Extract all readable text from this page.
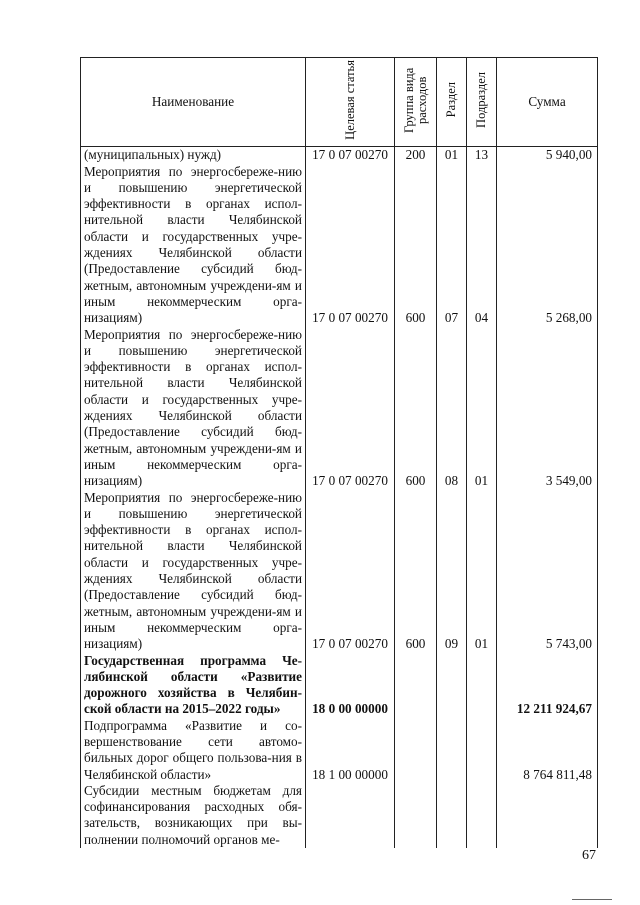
Наименование	Целевая статья	Группа вида расходов	Раздел	Подраздел	Сумма
(муниципальных) нужд)	17 0 07 00270	200	01	13	5 940,00
Мероприятия по энергосбереже-нию и повышению энергетической эффективности в органах испол-нительной власти Челябинской области и государственных учре-ждениях Челябинской области (Предоставление субсидий бюд-жетным, автономным учреждени-ям и иным некоммерческим орга-низациям)	17 0 07 00270	600	07	04	5 268,00
Мероприятия по энергосбереже-нию и повышению энергетической эффективности в органах испол-нительной власти Челябинской области и государственных учре-ждениях Челябинской области (Предоставление субсидий бюд-жетным, автономным учреждени-ям и иным некоммерческим орга-низациям)	17 0 07 00270	600	08	01	3 549,00
Мероприятия по энергосбереже-нию и повышению энергетической эффективности в органах испол-нительной власти Челябинской области и государственных учре-ждениях Челябинской области (Предоставление субсидий бюд-жетным, автономным учреждени-ям и иным некоммерческим орга-низациям)	17 0 07 00270	600	09	01	5 743,00
Государственная программа Че-лябинской области «Развитие дорожного хозяйства в Челябин-ской области на 2015–2022 годы»	18 0 00 00000				12 211 924,67
Подпрограмма «Развитие и со-вершенствование сети автомо-бильных дорог общего пользова-ния в Челябинской области»	18 1 00 00000				8 764 811,48
Субсидии местным бюджетам для софинансирования расходных обя-зательств, возникающих при вы-полнении полномочий органов ме-					
67
